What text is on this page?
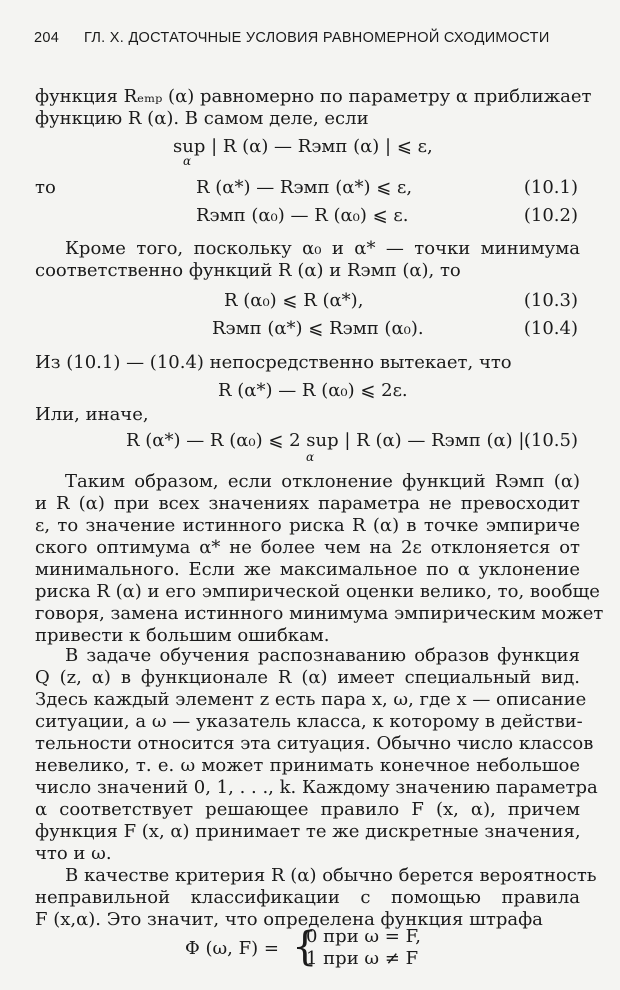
204 ГЛ. X. ДОСТАТОЧНЫЕ УСЛОВИЯ РАВНОМЕРНОЙ СХОДИМОСТИ
функция Rₑₘₚ (α) равномерно по параметру α приближает
функцию R (α). В самом деле, если
sup | R (α) — Rэмп (α) | ⩽ ε,
α
то	R (α*) — Rэмп (α*) ⩽ ε,	(10.1)
Rэмп (α₀) — R (α₀) ⩽ ε.	(10.2)
Кроме того, поскольку α₀ и α* — точки минимума
соответственно функций R (α) и Rэмп (α), то
R (α₀) ⩽ R (α*),	(10.3)
Rэмп (α*) ⩽ Rэмп (α₀).	(10.4)
Из (10.1) — (10.4) непосредственно вытекает, что
R (α*) — R (α₀) ⩽ 2ε.
Или, иначе,
R (α*) — R (α₀) ⩽ 2 sup | R (α) — Rэмп (α) |.
α
(10.5)
Таким образом, если отклонение функций Rэмп (α)
и R (α) при всех значениях параметра не превосходит
ε, то значение истинного риска R (α) в точке эмпириче
ского оптимума α* не более чем на 2ε отклоняется от
минимального. Если же максимальное по α уклонение
риска R (α) и его эмпирической оценки велико, то, вообще
говоря, замена истинного минимума эмпирическим может
привести к большим ошибкам.
В задаче обучения распознаванию образов функция
Q (z, α) в функционале R (α) имеет специальный вид.
Здесь каждый элемент z есть пара x, ω, где x — описание
ситуации, а ω — указатель класса, к которому в действи-
тельности относится эта ситуация. Обычно число классов
невелико, т. е. ω может принимать конечное небольшое
число значений 0, 1, . . ., k. Каждому значению параметра
α соответствует решающее правило F (x, α), причем
функция F (x, α) принимает те же дискретные значения,
что и ω.
В качестве критерия R (α) обычно берется вероятность
неправильной классификации с помощью правила
F (x,α). Это значит, что определена функция штрафа
Φ (ω, F) = {
0 при ω = F,
1 при ω ≠ F
